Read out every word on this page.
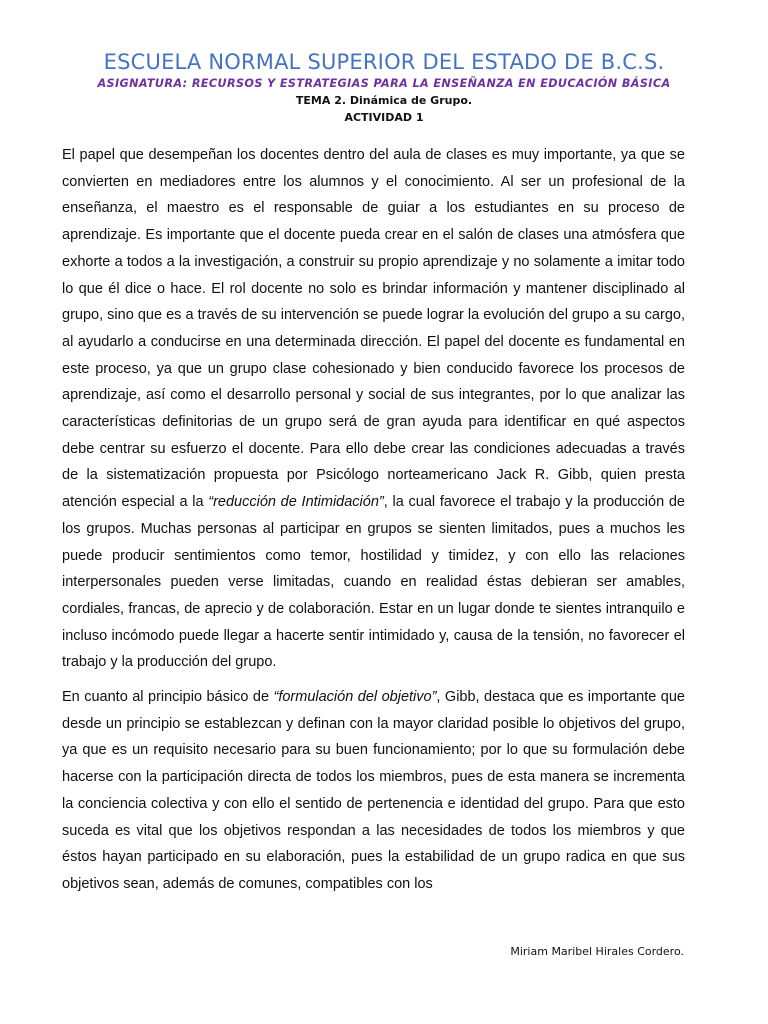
ESCUELA NORMAL SUPERIOR DEL ESTADO DE B.C.S.
ASIGNATURA: RECURSOS Y ESTRATEGIAS PARA LA ENSEÑANZA EN EDUCACIÓN BÁSICA
TEMA 2. Dinámica de Grupo.
ACTIVIDAD 1

El papel que desempeñan los docentes dentro del aula de clases es muy importante, ya que se convierten en mediadores entre los alumnos y el conocimiento. Al ser un profesional de la enseñanza, el maestro es el responsable de guiar a los estudiantes en su proceso de aprendizaje. Es importante que el docente pueda crear en el salón de clases una atmósfera que exhorte a todos a la investigación, a construir su propio aprendizaje y no solamente a imitar todo lo que él dice o hace. El rol docente no solo es brindar información y mantener disciplinado al grupo, sino que es a través de su intervención se puede lograr la evolución del grupo a su cargo, al ayudarlo a conducirse en una determinada dirección. El papel del docente es fundamental en este proceso, ya que un grupo clase cohesionado y bien conducido favorece los procesos de aprendizaje, así como el desarrollo personal y social de sus integrantes, por lo que analizar las características definitorias de un grupo será de gran ayuda para identificar en qué aspectos debe centrar su esfuerzo el docente. Para ello debe crear las condiciones adecuadas a través de la sistematización propuesta por Psicólogo norteamericano Jack R. Gibb, quien presta atención especial a la “reducción de Intimidación”, la cual favorece el trabajo y la producción de los grupos. Muchas personas al participar en grupos se sienten limitados, pues a muchos les puede producir sentimientos como temor, hostilidad y timidez, y con ello las relaciones interpersonales pueden verse limitadas, cuando en realidad éstas debieran ser amables, cordiales, francas, de aprecio y de colaboración. Estar en un lugar donde te sientes intranquilo e incluso incómodo puede llegar a hacerte sentir intimidado y, causa de la tensión, no favorecer el trabajo y la producción del grupo.

En cuanto al principio básico de “formulación del objetivo”, Gibb, destaca que es importante que desde un principio se establezcan y definan con la mayor claridad posible lo objetivos del grupo, ya que es un requisito necesario para su buen funcionamiento; por lo que su formulación debe hacerse con la participación directa de todos los miembros, pues de esta manera se incrementa la conciencia colectiva y con ello el sentido de pertenencia e identidad del grupo. Para que esto suceda es vital que los objetivos respondan a las necesidades de todos los miembros y que éstos hayan participado en su elaboración, pues la estabilidad de un grupo radica en que sus objetivos sean, además de comunes, compatibles con los

Miriam Maribel Hirales Cordero.
